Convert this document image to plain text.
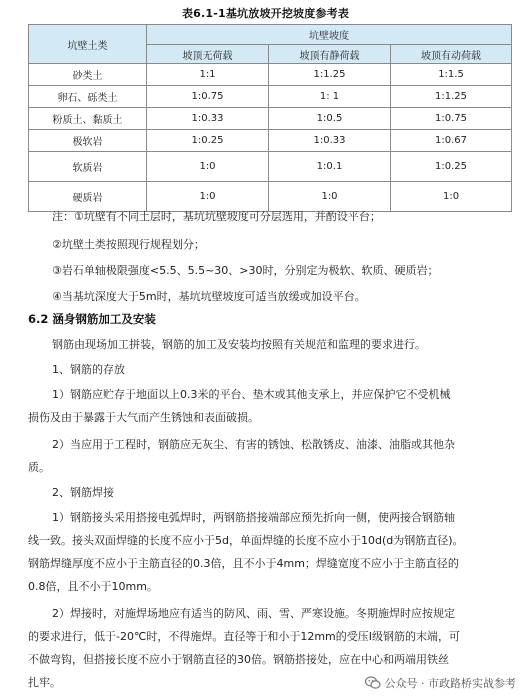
表6.1-1基坑放坡开挖坡度参考表
坑壁土类	坑壁坡度		
	坡顶无荷载	坡顶有静荷载	坡顶有动荷载
砂类土	1:1	1:1.25	1:1.5
卵石、砾类土	1:0.75	1: 1	1:1.25
粉质土、黏质土	1:0.33	1:0.5	1:0.75
极软岩	1:0.25	1:0.33	1:0.67
软质岩	1:0	1:0.1	1:0.25
硬质岩	1:0	1:0	1:0
注：①坑壁有不同土层时，基坑坑壁坡度可分层选用，并酌设平台；
②坑壁土类按照现行规程划分；
③岩石单轴极限强度<5.5、5.5~30、>30时，分别定为极软、软质、硬质岩；
④当基坑深度大于5m时，基坑坑壁坡度可适当放缓或加设平台。
6.2 涵身钢筋加工及安装
钢筋由现场加工拼装，钢筋的加工及安装均按照有关规范和监理的要求进行。
1、钢筋的存放
1）钢筋应贮存于地面以上0.3米的平台、垫木或其他支承上，并应保护它不受机械
损伤及由于暴露于大气而产生锈蚀和表面破损。
2）当应用于工程时，钢筋应无灰尘、有害的锈蚀、松散锈皮、油漆、油脂或其他杂
质。
2、钢筋焊接
1）钢筋接头采用搭接电弧焊时，两钢筋搭接端部应预先折向一侧，使两接合钢筋轴
线一致。接头双面焊缝的长度不应小于5d，单面焊缝的长度不应小于10d(d为钢筋直径)。
钢筋焊缝厚度不应小于主筋直径的0.3倍，且不小于4mm；焊缝宽度不应小于主筋直径的
0.8倍，且不小于10mm。
2）焊接时，对施焊场地应有适当的防风、雨、雪、严寒设施。冬期施焊时应按规定
的要求进行，低于-20℃时，不得施焊。直径等于和小于12mm的受压Ⅰ级钢筋的末端，可
不做弯钩，但搭接长度不应小于钢筋直径的30倍。钢筋搭接处，应在中心和两端用铁丝
扎牢。	公众号 · 市政路桥实战参考
